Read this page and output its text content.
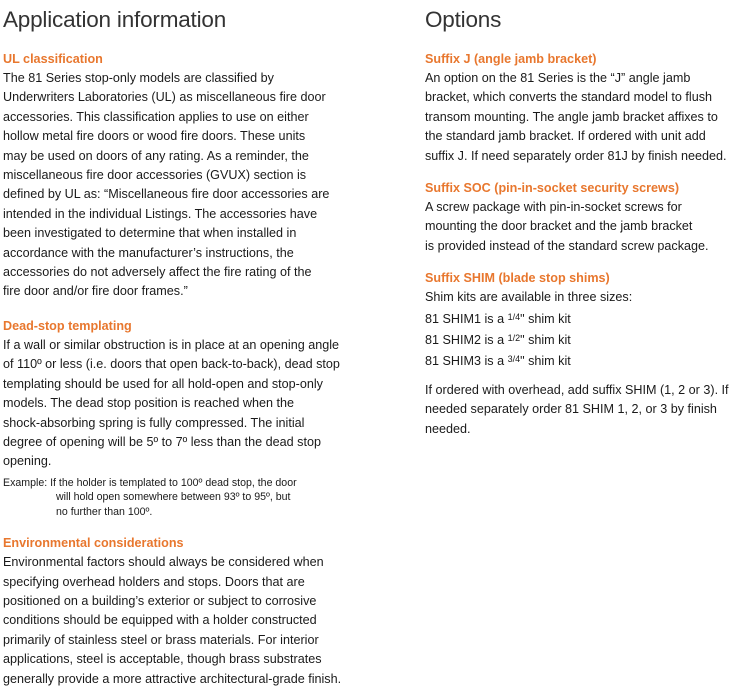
Application information
UL classification

The 81 Series stop-only models are classified by
Underwriters Laboratories (UL) as miscellaneous fire door
accessories. This classification applies to use on either
hollow metal fire doors or wood fire doors. These units
may be used on doors of any rating. As a reminder, the
miscellaneous fire door accessories (GVUX) section is
defined by UL as: “Miscellaneous fire door accessories are
intended in the individual Listings. The accessories have
been investigated to determine that when installed in
accordance with the manufacturer’s instructions, the
accessories do not adversely affect the fire rating of the
fire door and/or fire door frames.”

Dead-stop templating

If a wall or similar obstruction is in place at an opening angle
of 110º or less (i.e. doors that open back-to-back), dead stop
templating should be used for all hold-open and stop-only
models. The dead stop position is reached when the
shock-absorbing spring is fully compressed. The initial
degree of opening will be 5º to 7º less than the dead stop
opening.

Example: If the holder is templated to 100º dead stop, the door
will hold open somewhere between 93º to 95º, but
no further than 100º.

Environmental considerations

Environmental factors should always be considered when
specifying overhead holders and stops. Doors that are
positioned on a building’s exterior or subject to corrosive
conditions should be equipped with a holder constructed
primarily of stainless steel or brass materials. For interior
applications, steel is acceptable, though brass substrates
generally provide a more attractive architectural-grade finish.

Options
Suffix J (angle jamb bracket)

An option on the 81 Series is the “J” angle jamb
bracket, which converts the standard model to flush
transom mounting. The angle jamb bracket affixes to
the standard jamb bracket. If ordered with unit add
suffix J. If need separately order 81J by finish needed.

Suffix SOC (pin-in-socket security screws)

A screw package with pin-in-socket screws for
mounting the door bracket and the jamb bracket
is provided instead of the standard screw package.

Suffix SHIM (blade stop shims)

Shim kits are available in three sizes:
81 SHIM1 is a $^{1/4}$" shim kit
81 SHIM2 is a $^{1/2}$" shim kit
81 SHIM3 is a $^{3/4}$" shim kit

If ordered with overhead, add suffix SHIM (1, 2 or 3). If
needed separately order 81 SHIM 1, 2, or 3 by finish
needed.
